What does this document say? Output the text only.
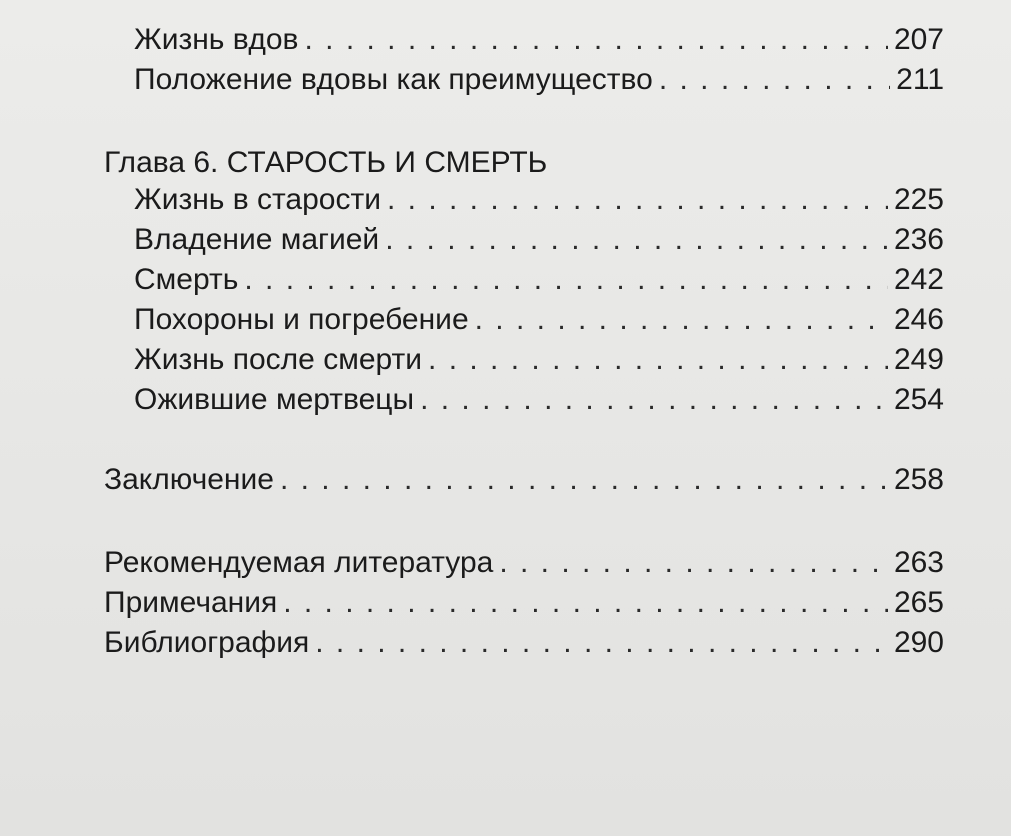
Жизнь вдов . . .	207
Положение вдовы как преимущество . . .	211
Глава 6. СТАРОСТЬ И СМЕРТЬ
Жизнь в старости . . .	225
Владение магией . . .	236
Смерть . . .	242
Похороны и погребение . . .	246
Жизнь после смерти . . .	249
Ожившие мертвецы . . .	254
Заключение . . .	258
Рекомендуемая литература . . .	263
Примечания . . .	265
Библиография . . .	290
